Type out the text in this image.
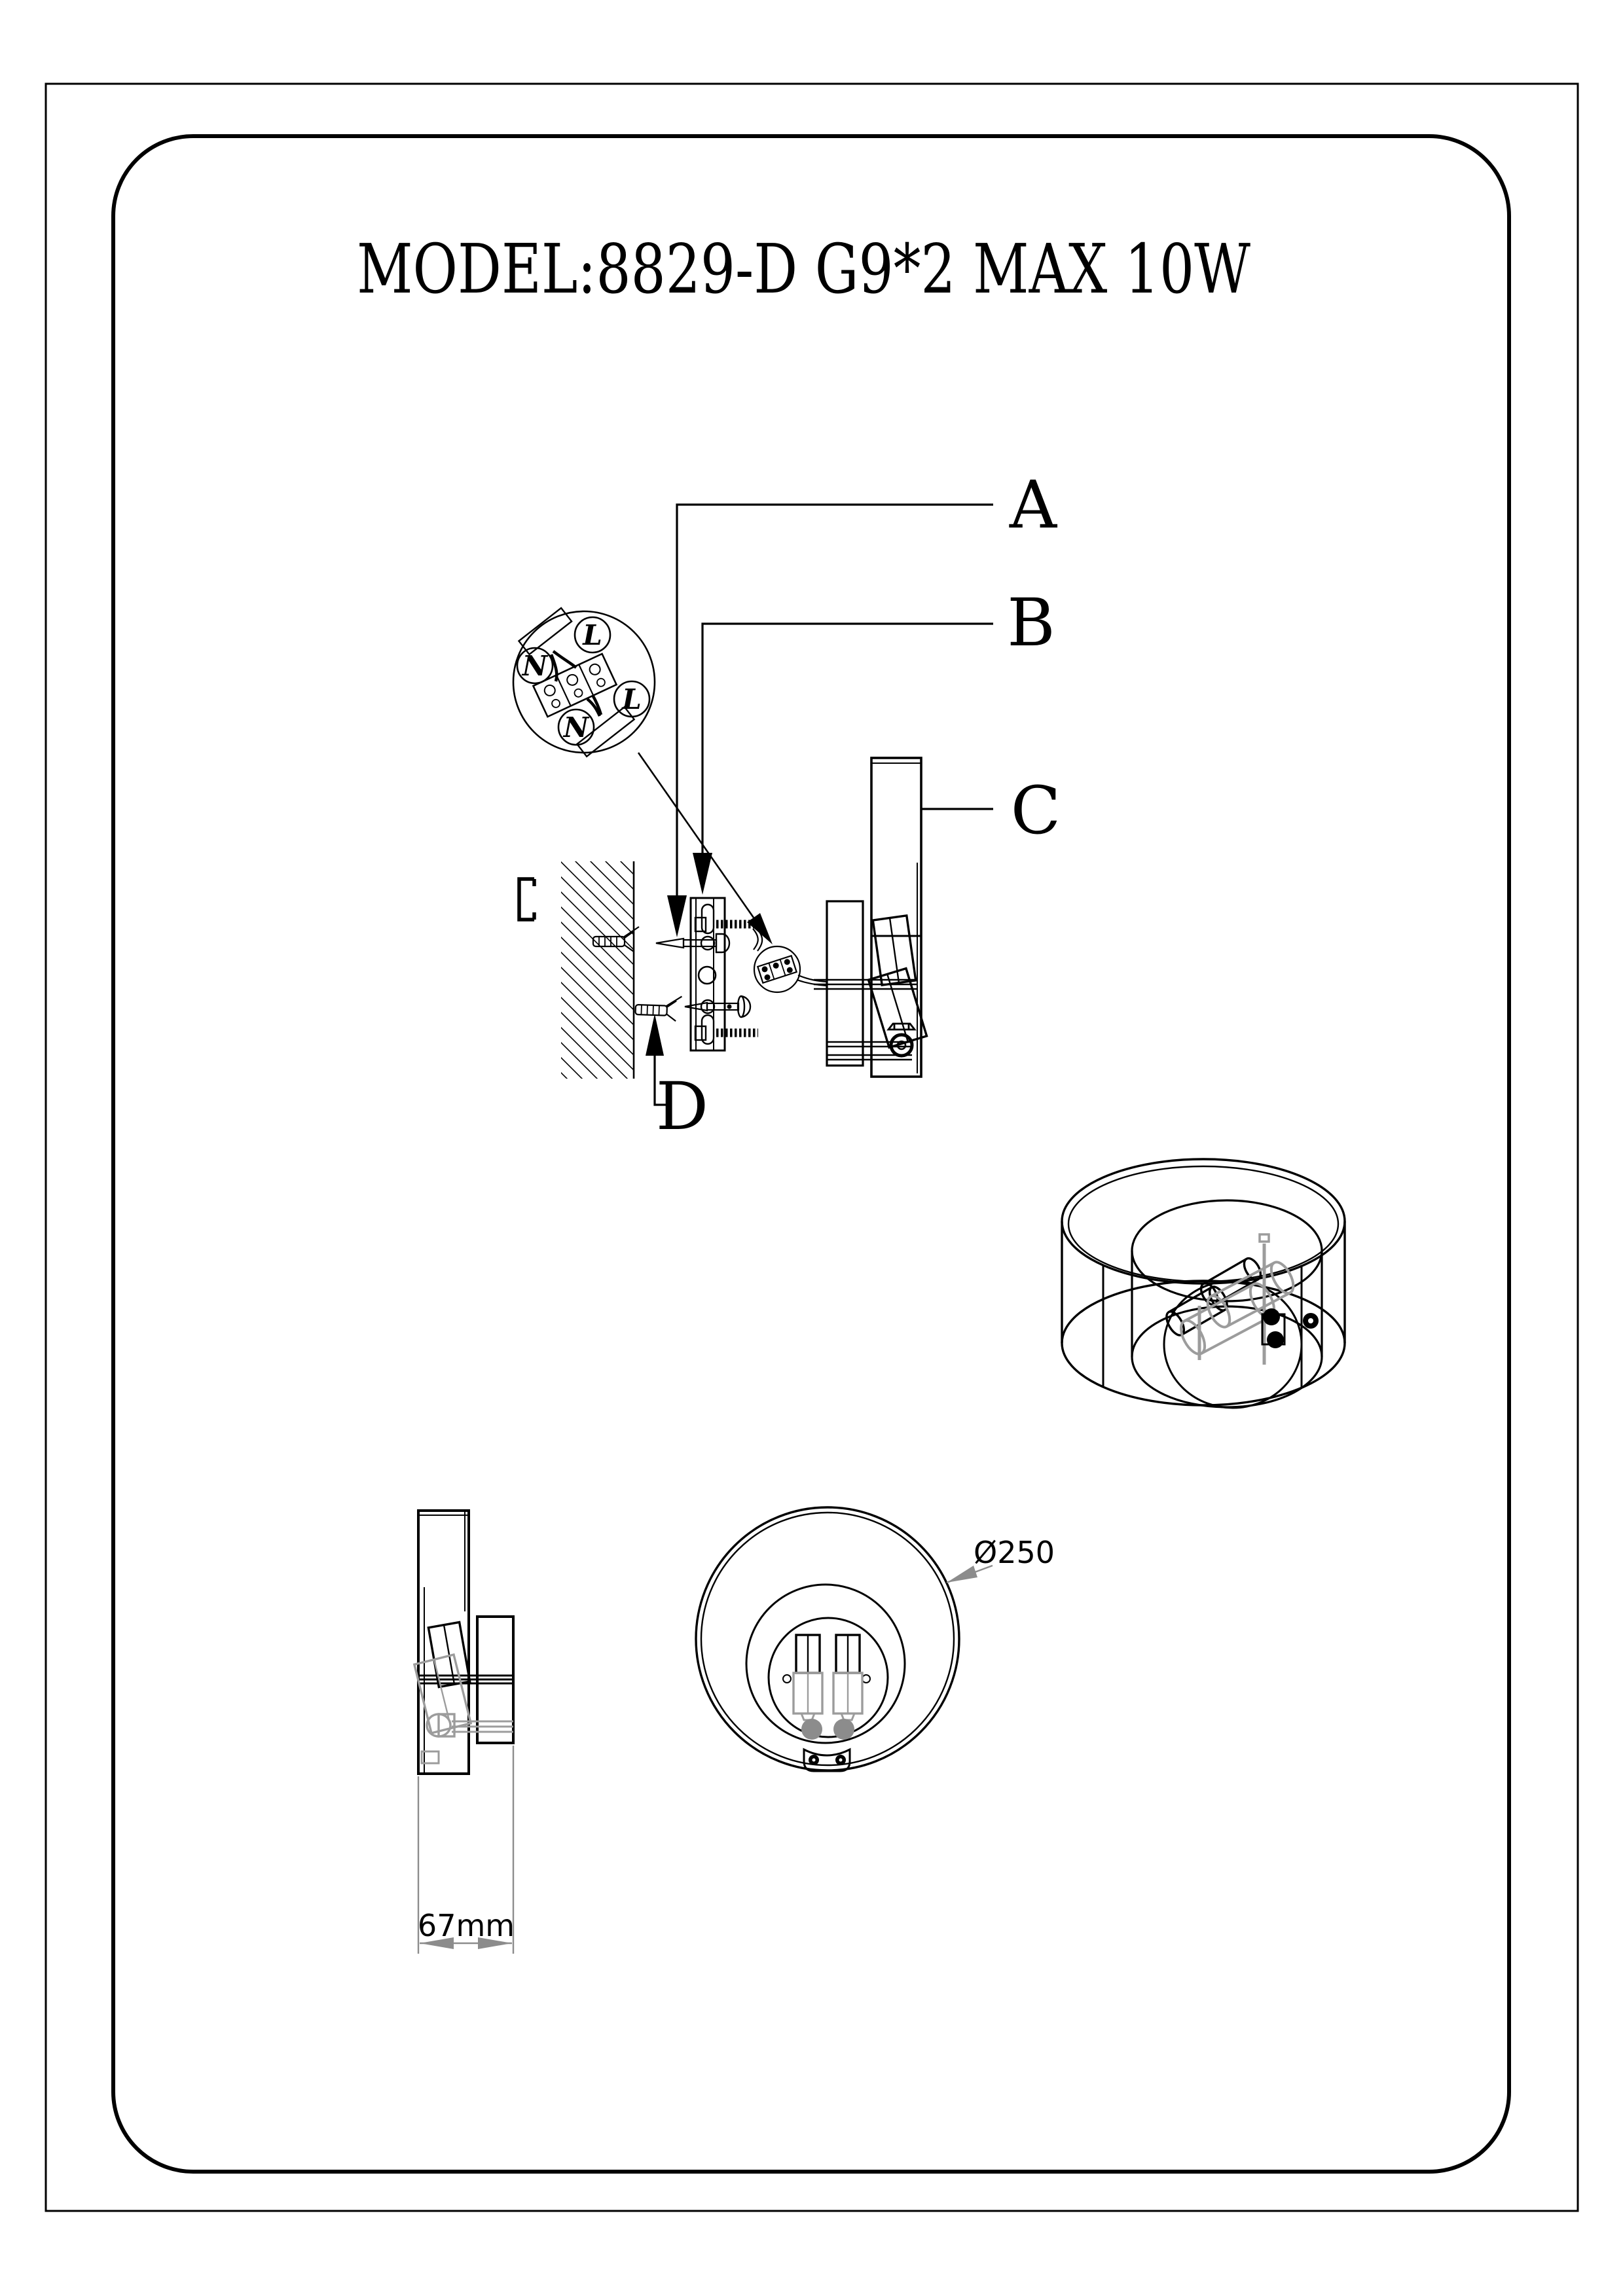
MODEL:8829-D G9*2 MAX 10W
A
B
C
D
L
N
L
N
67mm
Ø250
